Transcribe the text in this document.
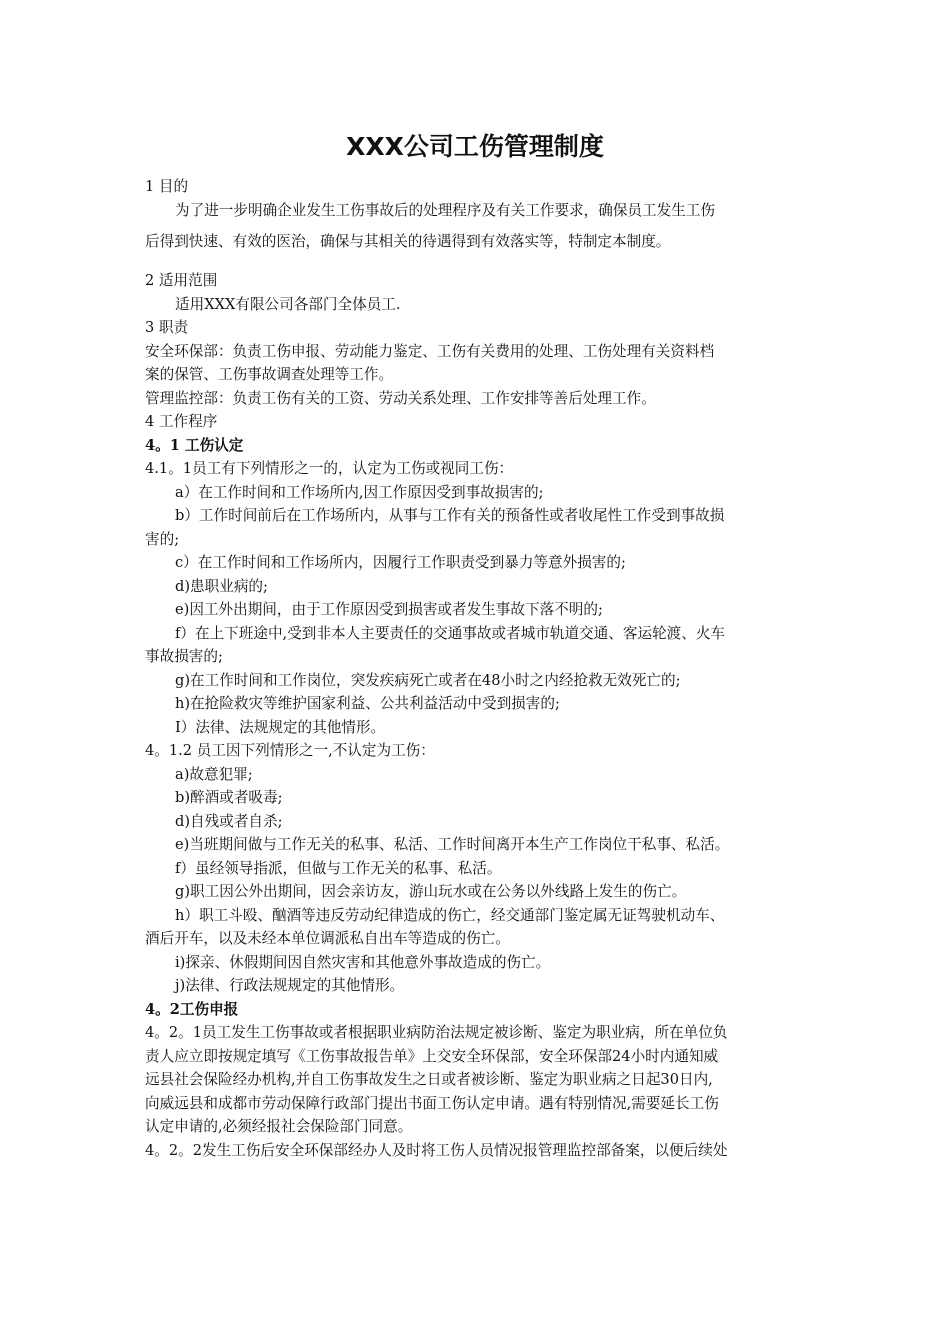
XXX公司工伤管理制度

1 目的

为了进一步明确企业发生工伤事故后的处理程序及有关工作要求，确保员工发生工伤

后得到快速、有效的医治，确保与其相关的待遇得到有效落实等，特制定本制度。

2 适用范围

适用XXX有限公司各部门全体员工.

3 职责

安全环保部：负责工伤申报、劳动能力鉴定、工伤有关费用的处理、工伤处理有关资料档

案的保管、工伤事故调查处理等工作。

管理监控部：负责工伤有关的工资、劳动关系处理、工作安排等善后处理工作。

4 工作程序

4。1 工伤认定

4.1。1员工有下列情形之一的，认定为工伤或视同工伤：

a）在工作时间和工作场所内,因工作原因受到事故损害的;

b）工作时间前后在工作场所内，从事与工作有关的预备性或者收尾性工作受到事故损

害的;

c）在工作时间和工作场所内，因履行工作职责受到暴力等意外损害的;

d)患职业病的;

e)因工外出期间，由于工作原因受到损害或者发生事故下落不明的;

f）在上下班途中,受到非本人主要责任的交通事故或者城市轨道交通、客运轮渡、火车

事故损害的;

g)在工作时间和工作岗位，突发疾病死亡或者在48小时之内经抢救无效死亡的;

h)在抢险救灾等维护国家利益、公共利益活动中受到损害的;

I）法律、法规规定的其他情形。

4。1.2 员工因下列情形之一,不认定为工伤：

a)故意犯罪;

b)醉酒或者吸毒;

d)自残或者自杀;

e)当班期间做与工作无关的私事、私活、工作时间离开本生产工作岗位干私事、私活。

f）虽经领导指派，但做与工作无关的私事、私活。

g)职工因公外出期间，因会亲访友，游山玩水或在公务以外线路上发生的伤亡。

h）职工斗殴、酗酒等违反劳动纪律造成的伤亡，经交通部门鉴定属无证驾驶机动车、

酒后开车，以及未经本单位调派私自出车等造成的伤亡。

i)探亲、休假期间因自然灾害和其他意外事故造成的伤亡。

j)法律、行政法规规定的其他情形。

4。2工伤申报

4。2。1员工发生工伤事故或者根据职业病防治法规定被诊断、鉴定为职业病，所在单位负

责人应立即按规定填写《工伤事故报告单》上交安全环保部，安全环保部24小时内通知威

远县社会保险经办机构,并自工伤事故发生之日或者被诊断、鉴定为职业病之日起30日内,

向威远县和成都市劳动保障行政部门提出书面工伤认定申请。遇有特别情况,需要延长工伤

认定申请的,必须经报社会保险部门同意。

4。2。2发生工伤后安全环保部经办人及时将工伤人员情况报管理监控部备案，以便后续处
